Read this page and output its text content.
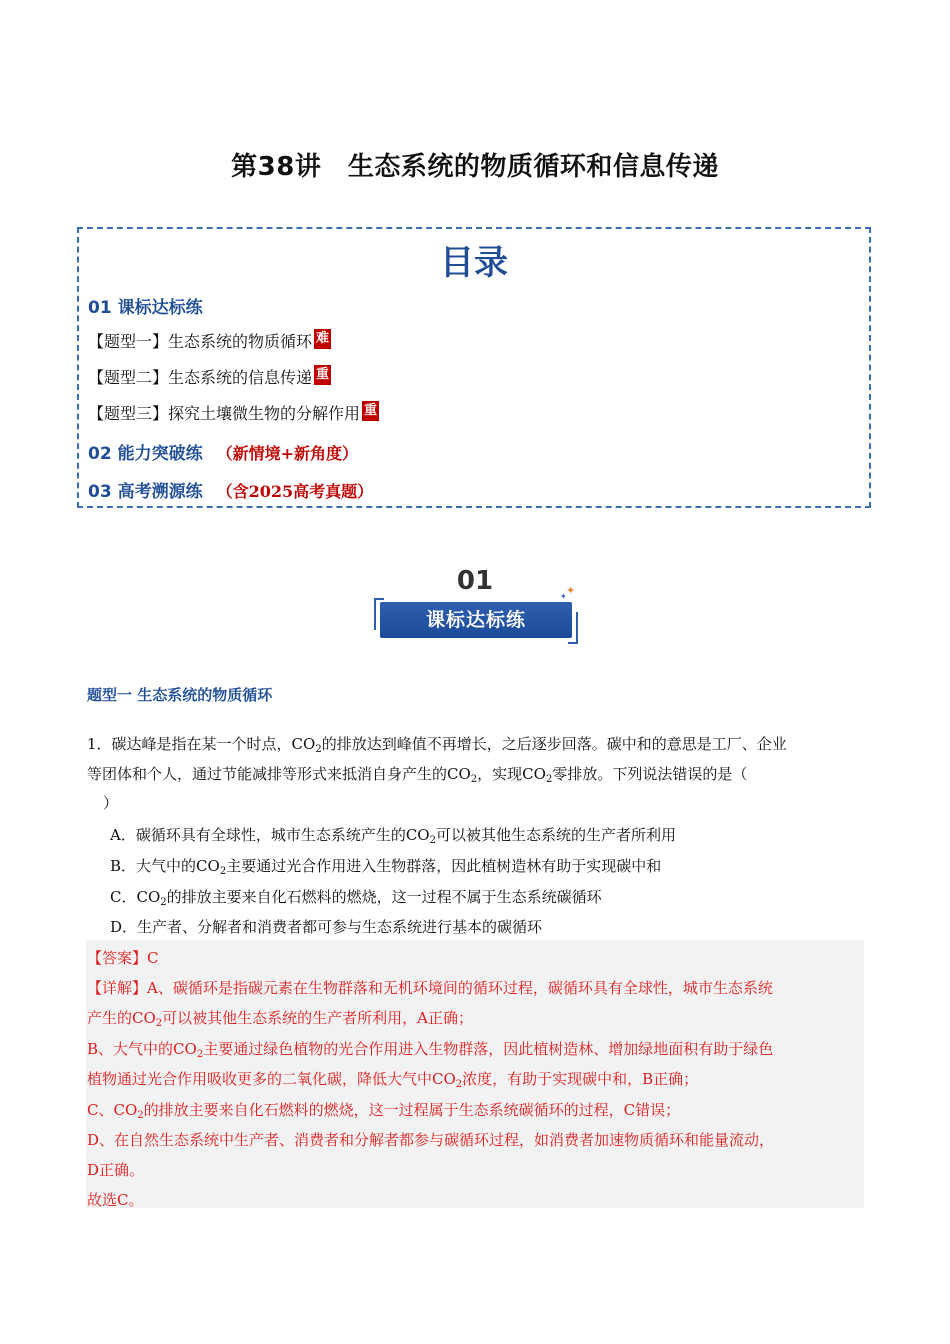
第38讲　生态系统的物质循环和信息传递
目录
01 课标达标练
【题型一】生态系统的物质循环 难
【题型二】生态系统的信息传递 重
【题型三】探究土壤微生物的分解作用 重
02 能力突破练 （新情境+新角度）
03 高考溯源练 （含2025高考真题）
01
课标达标练
✦
✦
题型一 生态系统的物质循环
1．碳达峰是指在某一个时点，$CO_2$的排放达到峰值不再增长，之后逐步回落。碳中和的意思是工厂、企业
等团体和个人，通过节能减排等形式来抵消自身产生的$CO_2$，实现$CO_2$零排放。下列说法错误的是（
）
A．碳循环具有全球性，城市生态系统产生的$CO_2$可以被其他生态系统的生产者所利用
B．大气中的$CO_2$主要通过光合作用进入生物群落，因此植树造林有助于实现碳中和
C．$CO_2$的排放主要来自化石燃料的燃烧，这一过程不属于生态系统碳循环
D．生产者、分解者和消费者都可参与生态系统进行基本的碳循环
【答案】C
【详解】A、碳循环是指碳元素在生物群落和无机环境间的循环过程，碳循环具有全球性，城市生态系统
产生的$CO_2$可以被其他生态系统的生产者所利用，A正确；
B、大气中的$CO_2$主要通过绿色植物的光合作用进入生物群落，因此植树造林、增加绿地面积有助于绿色
植物通过光合作用吸收更多的二氧化碳，降低大气中$CO_2$浓度，有助于实现碳中和，B正确；
C、$CO_2$的排放主要来自化石燃料的燃烧，这一过程属于生态系统碳循环的过程，C错误；
D、在自然生态系统中生产者、消费者和分解者都参与碳循环过程，如消费者加速物质循环和能量流动，
D正确。
故选C。
